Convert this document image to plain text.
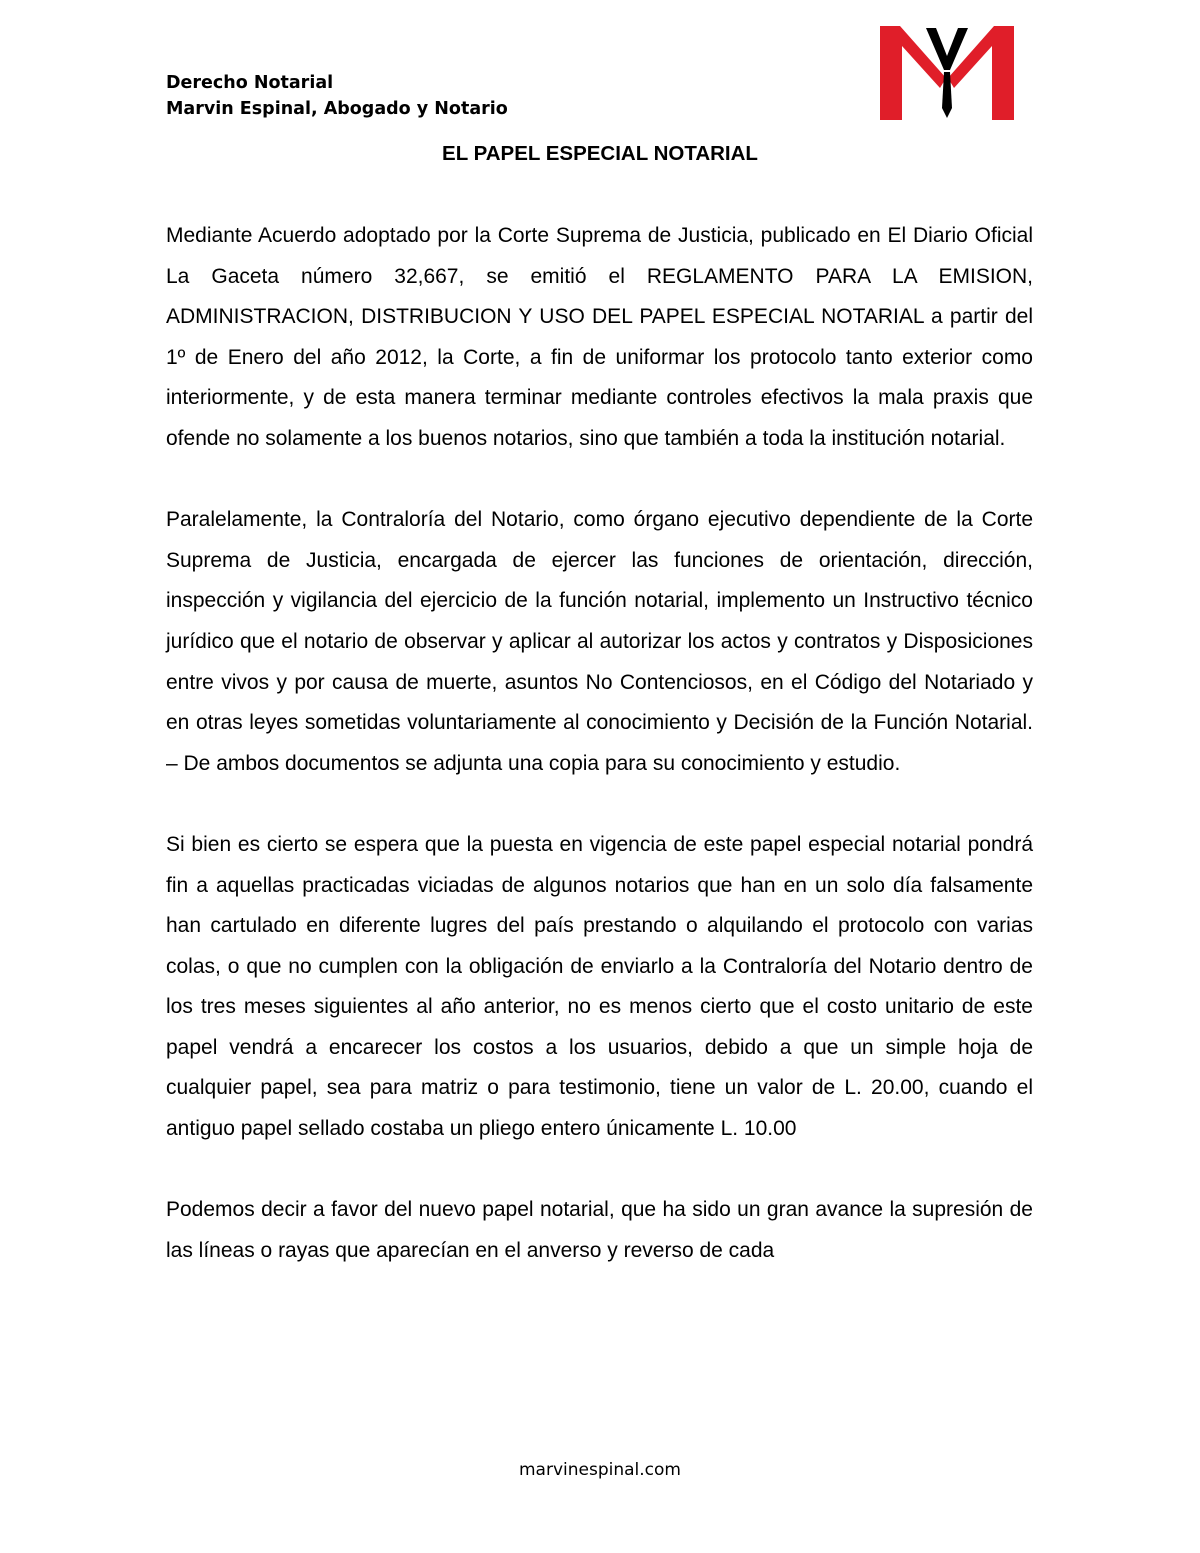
Derecho Notarial
Marvin Espinal, Abogado y Notario
EL PAPEL ESPECIAL NOTARIAL

Mediante Acuerdo adoptado por la Corte Suprema de Justicia, publicado en El Diario Oficial La Gaceta número 32,667, se emitió el REGLAMENTO PARA LA EMISION, ADMINISTRACION, DISTRIBUCION Y USO DEL PAPEL ESPECIAL NOTARIAL a partir del 1º de Enero del año 2012, la Corte, a fin de uniformar los protocolo tanto exterior como interiormente, y de esta manera terminar mediante controles efectivos la mala praxis que ofende no solamente a los buenos notarios, sino que también a toda la institución notarial.

Paralelamente, la Contraloría del Notario, como órgano ejecutivo dependiente de la Corte Suprema de Justicia, encargada de ejercer las funciones de orientación, dirección, inspección y vigilancia del ejercicio de la función notarial, implemento un Instructivo técnico jurídico que el notario de observar y aplicar al autorizar los actos y contratos y Disposiciones entre vivos y por causa de muerte, asuntos No Contenciosos, en el Código del Notariado y en otras leyes sometidas voluntariamente al conocimiento y Decisión de la Función Notarial. – De ambos documentos se adjunta una copia para su conocimiento y estudio.

Si bien es cierto se espera que la puesta en vigencia de este papel especial notarial pondrá fin a aquellas practicadas viciadas de algunos notarios que han en un solo día falsamente han cartulado en diferente lugres del país prestando o alquilando el protocolo con varias colas, o que no cumplen con la obligación de enviarlo a la Contraloría del Notario dentro de los tres meses siguientes al año anterior, no es menos cierto que el costo unitario de este papel vendrá a encarecer los costos a los usuarios, debido a que un simple hoja de cualquier papel, sea para matriz o para testimonio, tiene un valor de L. 20.00, cuando el antiguo papel sellado costaba un pliego entero únicamente L. 10.00

Podemos decir a favor del nuevo papel notarial, que ha sido un gran avance la supresión de las líneas o rayas que aparecían en el anverso y reverso de cada

marvinespinal.com
